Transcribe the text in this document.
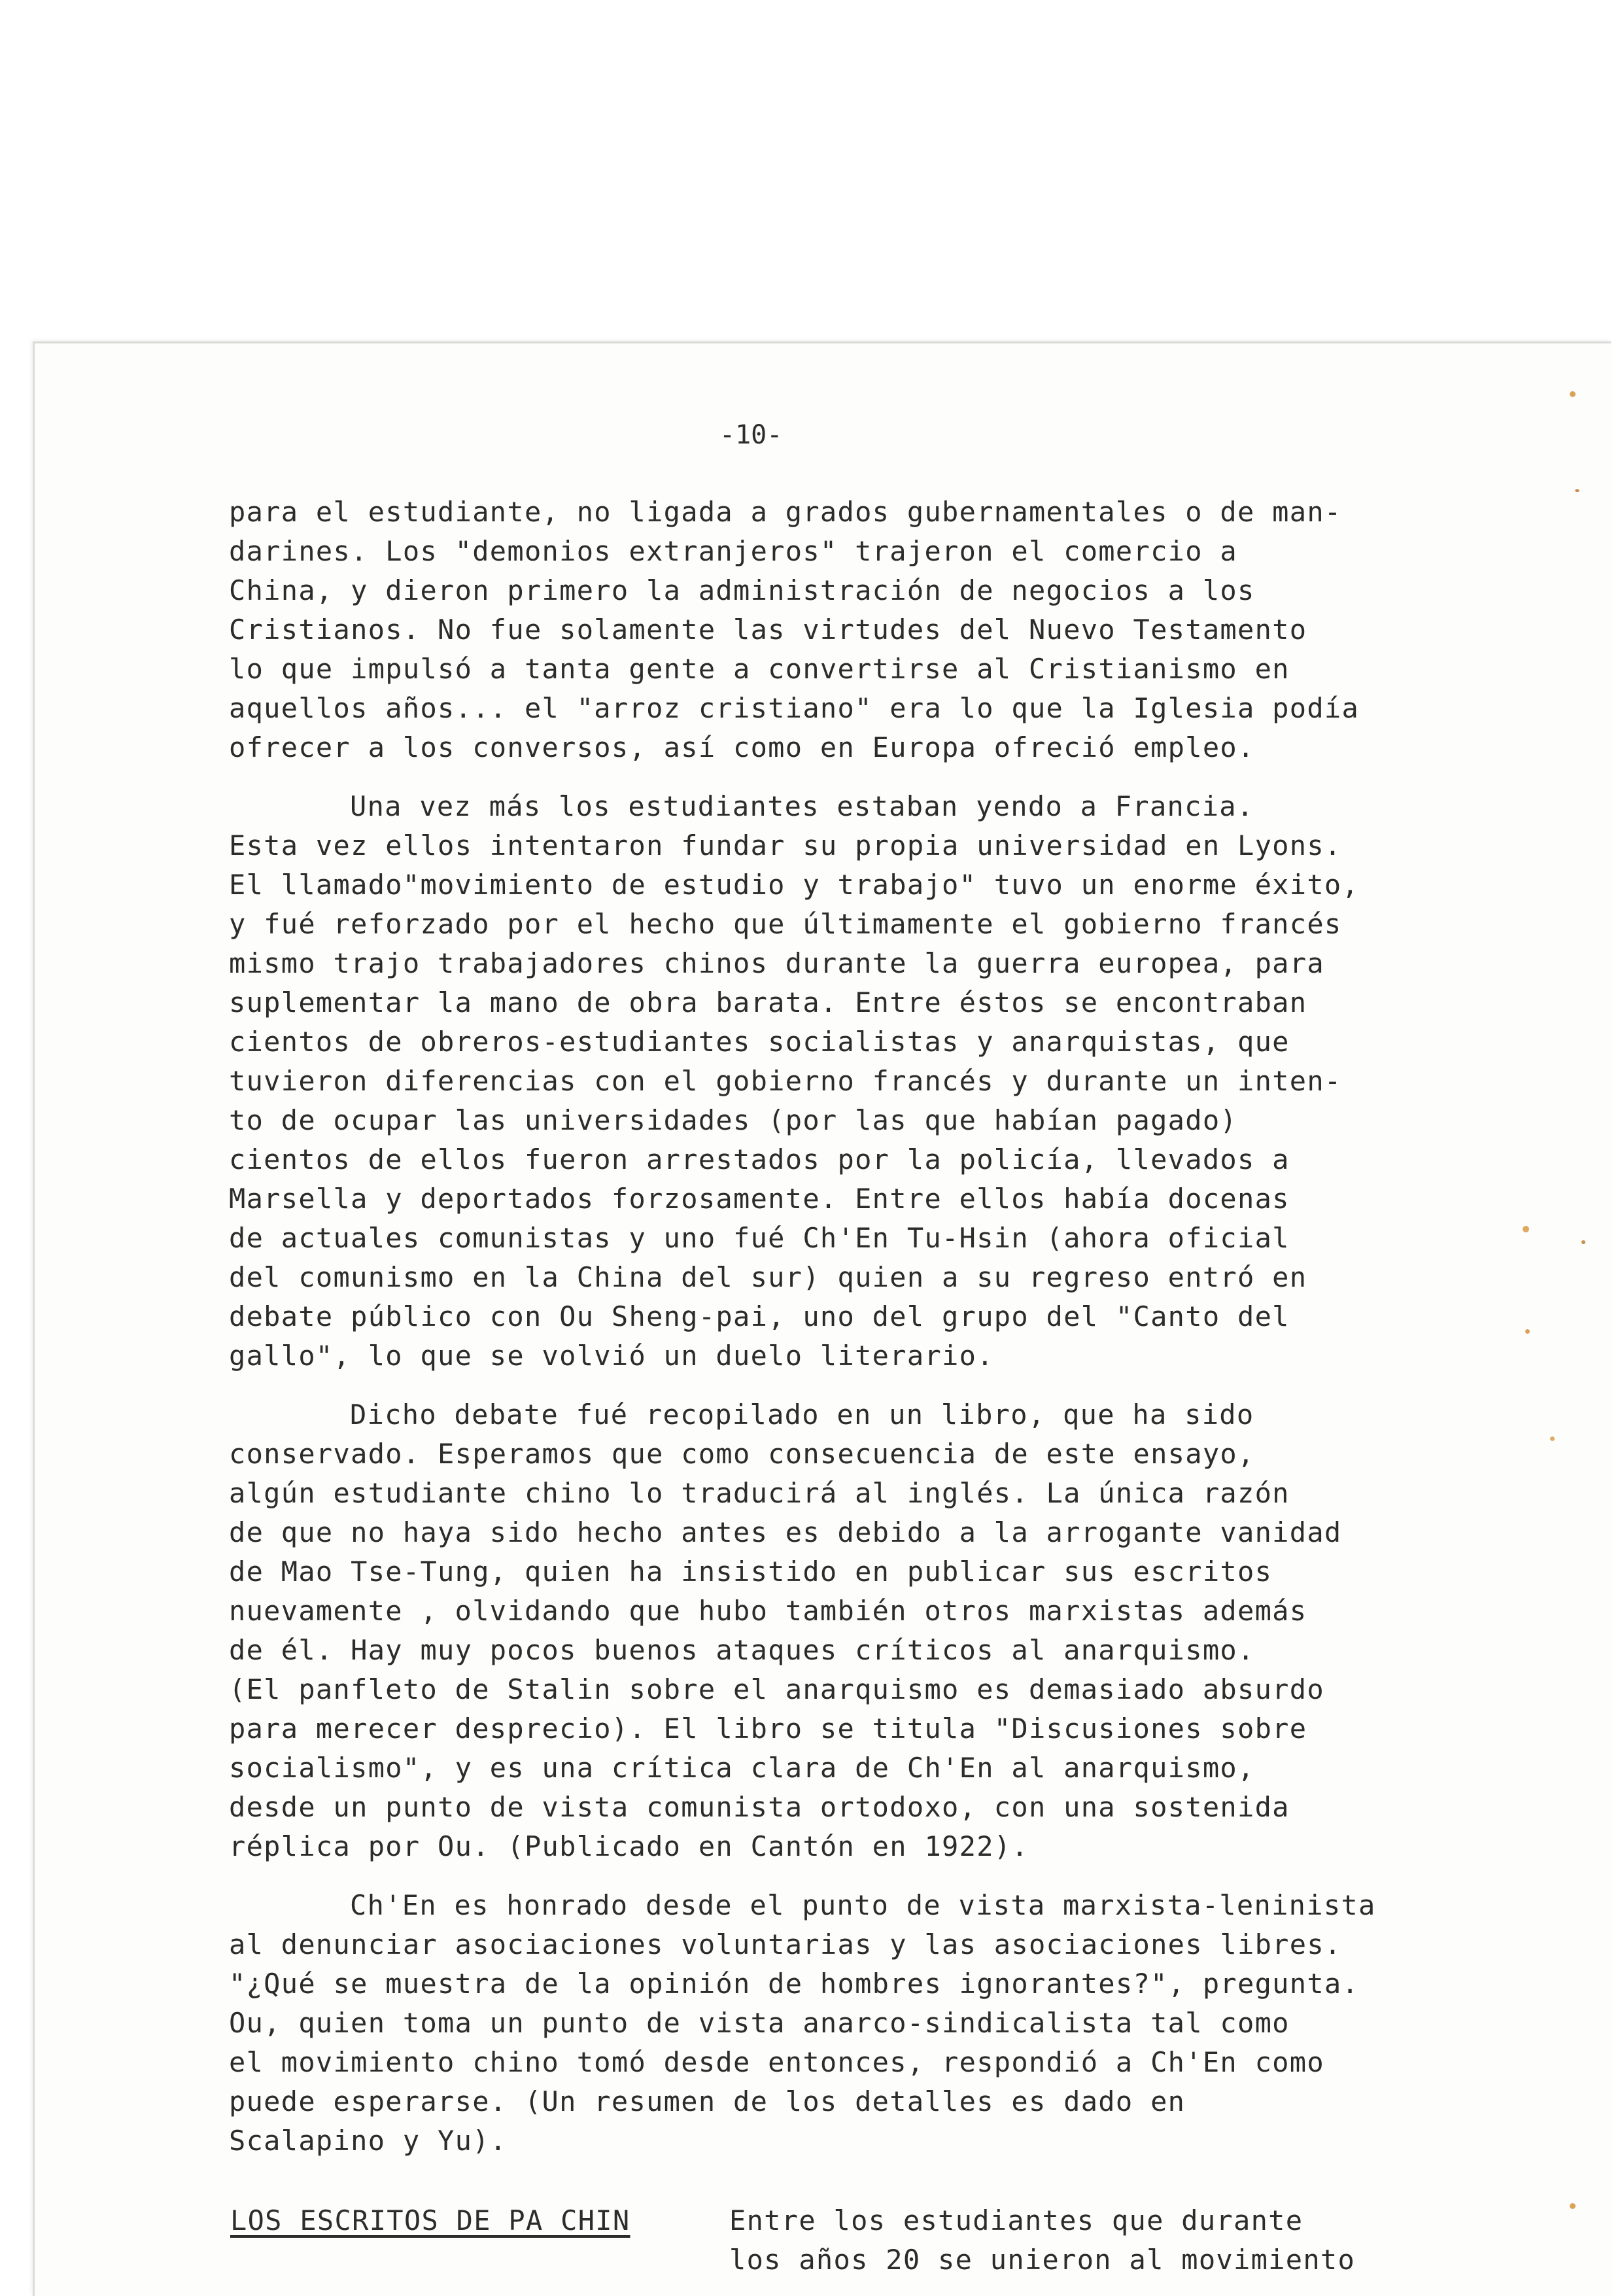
-10-
para el estudiante, no ligada a grados gubernamentales o de man-
darines. Los "demonios extranjeros" trajeron el comercio a
China, y dieron primero la administración de negocios a los
Cristianos. No fue solamente las virtudes del Nuevo Testamento
lo que impulsó a tanta gente a convertirse al Cristianismo en
aquellos años... el "arroz cristiano" era lo que la Iglesia podía
ofrecer a los conversos, así como en Europa ofreció empleo.
Una vez más los estudiantes estaban yendo a Francia.
Esta vez ellos intentaron fundar su propia universidad en Lyons.
El llamado"movimiento de estudio y trabajo" tuvo un enorme éxito,
y fué reforzado por el hecho que últimamente el gobierno francés
mismo trajo trabajadores chinos durante la guerra europea, para
suplementar la mano de obra barata. Entre éstos se encontraban
cientos de obreros-estudiantes socialistas y anarquistas, que
tuvieron diferencias con el gobierno francés y durante un inten-
to de ocupar las universidades (por las que habían pagado)
cientos de ellos fueron arrestados por la policía, llevados a
Marsella y deportados forzosamente. Entre ellos había docenas
de actuales comunistas y uno fué Ch'En Tu-Hsin (ahora oficial
del comunismo en la China del sur) quien a su regreso entró en
debate público con Ou Sheng-pai, uno del grupo del "Canto del
gallo", lo que se volvió un duelo literario.
Dicho debate fué recopilado en un libro, que ha sido
conservado. Esperamos que como consecuencia de este ensayo,
algún estudiante chino lo traducirá al inglés. La única razón
de que no haya sido hecho antes es debido a la arrogante vanidad
de Mao Tse-Tung, quien ha insistido en publicar sus escritos
nuevamente , olvidando que hubo también otros marxistas además
de él. Hay muy pocos buenos ataques críticos al anarquismo.
(El panfleto de Stalin sobre el anarquismo es demasiado absurdo
para merecer desprecio). El libro se titula "Discusiones sobre
socialismo", y es una crítica clara de Ch'En al anarquismo,
desde un punto de vista comunista ortodoxo, con una sostenida
réplica por Ou. (Publicado en Cantón en 1922).
Ch'En es honrado desde el punto de vista marxista-leninista
al denunciar asociaciones voluntarias y las asociaciones libres.
"¿Qué se muestra de la opinión de hombres ignorantes?", pregunta.
Ou, quien toma un punto de vista anarco-sindicalista tal como
el movimiento chino tomó desde entonces, respondió a Ch'En como
puede esperarse. (Un resumen de los detalles es dado en
Scalapino y Yu).
LOS ESCRITOS DE PA CHIN	Entre los estudiantes que durante
los años 20 se unieron al movimiento
